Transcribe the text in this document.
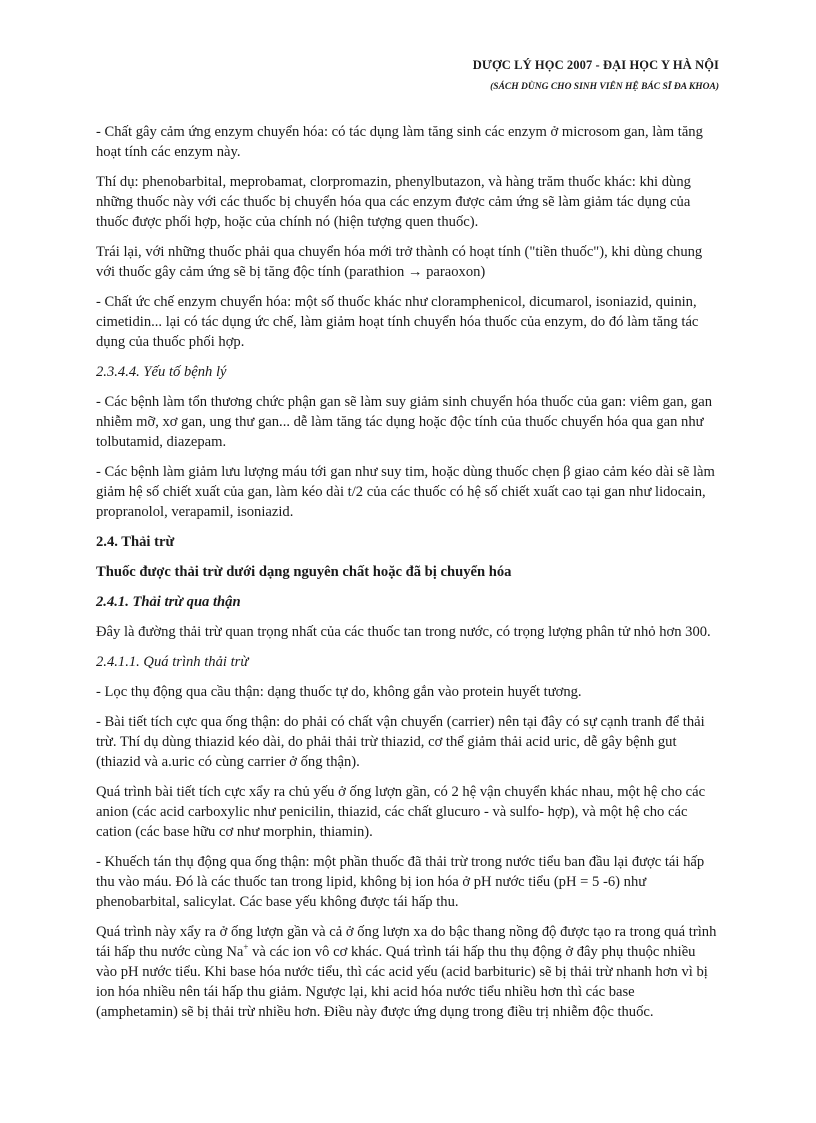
DƯỢC LÝ HỌC 2007 - ĐẠI HỌC Y HÀ NỘI
(SÁCH DÙNG CHO SINH VIÊN HỆ BÁC SĨ ĐA KHOA)

- Chất gây cảm ứng enzym chuyển hóa: có tác dụng làm tăng sinh các enzym ở microsom gan, làm tăng hoạt tính các enzym này.

Thí dụ: phenobarbital, meprobamat, clorpromazin, phenylbutazon, và hàng trăm thuốc khác: khi dùng những thuốc này với các thuốc bị chuyển hóa qua các enzym được cảm ứng sẽ làm giảm tác dụng của thuốc được phối hợp, hoặc của chính nó (hiện tượng quen thuốc).

Trái lại, với những thuốc phải qua chuyển hóa mới trở thành có hoạt tính ("tiền thuốc"), khi dùng chung với thuốc gây cảm ứng sẽ bị tăng độc tính (parathion → paraoxon)

- Chất ức chế enzym chuyển hóa: một số thuốc khác như cloramphenicol, dicumarol, isoniazid, quinin, cimetidin... lại có tác dụng ức chế, làm giảm hoạt tính chuyển hóa thuốc của enzym, do đó làm tăng tác dụng của thuốc phối hợp.

2.3.4.4. Yếu tố bệnh lý

- Các bệnh làm tổn thương chức phận gan sẽ làm suy giảm sinh chuyển hóa thuốc của gan: viêm gan, gan nhiễm mỡ, xơ gan, ung thư gan... dễ làm tăng tác dụng hoặc độc tính của thuốc chuyển hóa qua gan như tolbutamid, diazepam.

- Các bệnh làm giảm lưu lượng máu tới gan như suy tim, hoặc dùng thuốc chẹn β giao cảm kéo dài sẽ làm giảm hệ số chiết xuất của gan, làm kéo dài t/2 của các thuốc có hệ số chiết xuất cao tại gan như lidocain, propranolol, verapamil, isoniazid.

2.4. Thải trừ

Thuốc được thải trừ dưới dạng nguyên chất hoặc đã bị chuyển hóa

2.4.1. Thải trừ qua thận

Đây là đường thải trừ quan trọng nhất của các thuốc tan trong nước, có trọng lượng phân tử nhỏ hơn 300.

2.4.1.1. Quá trình thải trừ

- Lọc thụ động qua cầu thận: dạng thuốc tự do, không gắn vào protein huyết tương.

- Bài tiết tích cực qua ống thận: do phải có chất vận chuyển (carrier) nên tại đây có sự cạnh tranh để thải trừ. Thí dụ dùng thiazid kéo dài, do phải thải trừ thiazid, cơ thể giảm thải acid uric, dễ gây bệnh gut (thiazid và a.uric có cùng carrier ở ống thận).

Quá trình bài tiết tích cực xẩy ra chủ yếu ở ống lượn gần, có 2 hệ vận chuyển khác nhau, một hệ cho các anion (các acid carboxylic như penicilin, thiazid, các chất glucuro - và sulfo- hợp), và một hệ cho các cation (các base hữu cơ như morphin, thiamin).

- Khuếch tán thụ động qua ống thận: một phần thuốc đã thải trừ trong nước tiểu ban đầu lại được tái hấp thu vào máu. Đó là các thuốc tan trong lipid, không bị ion hóa ở pH nước tiểu (pH = 5 -6) như phenobarbital, salicylat. Các base yếu không được tái hấp thu.

Quá trình này xẩy ra ở ống lượn gần và cả ở ống lượn xa do bậc thang nồng độ được tạo ra trong quá trình tái hấp thu nước cùng Na+ và các ion vô cơ khác. Quá trình tái hấp thu thụ động ở đây phụ thuộc nhiều vào pH nước tiểu. Khi base hóa nước tiểu, thì các acid yếu (acid barbituric) sẽ bị thải trừ nhanh hơn vì bị ion hóa nhiều nên tái hấp thu giảm. Ngược lại, khi acid hóa nước tiểu nhiều hơn thì các base (amphetamin) sẽ bị thải trừ nhiều hơn. Điều này được ứng dụng trong điều trị nhiễm độc thuốc.
